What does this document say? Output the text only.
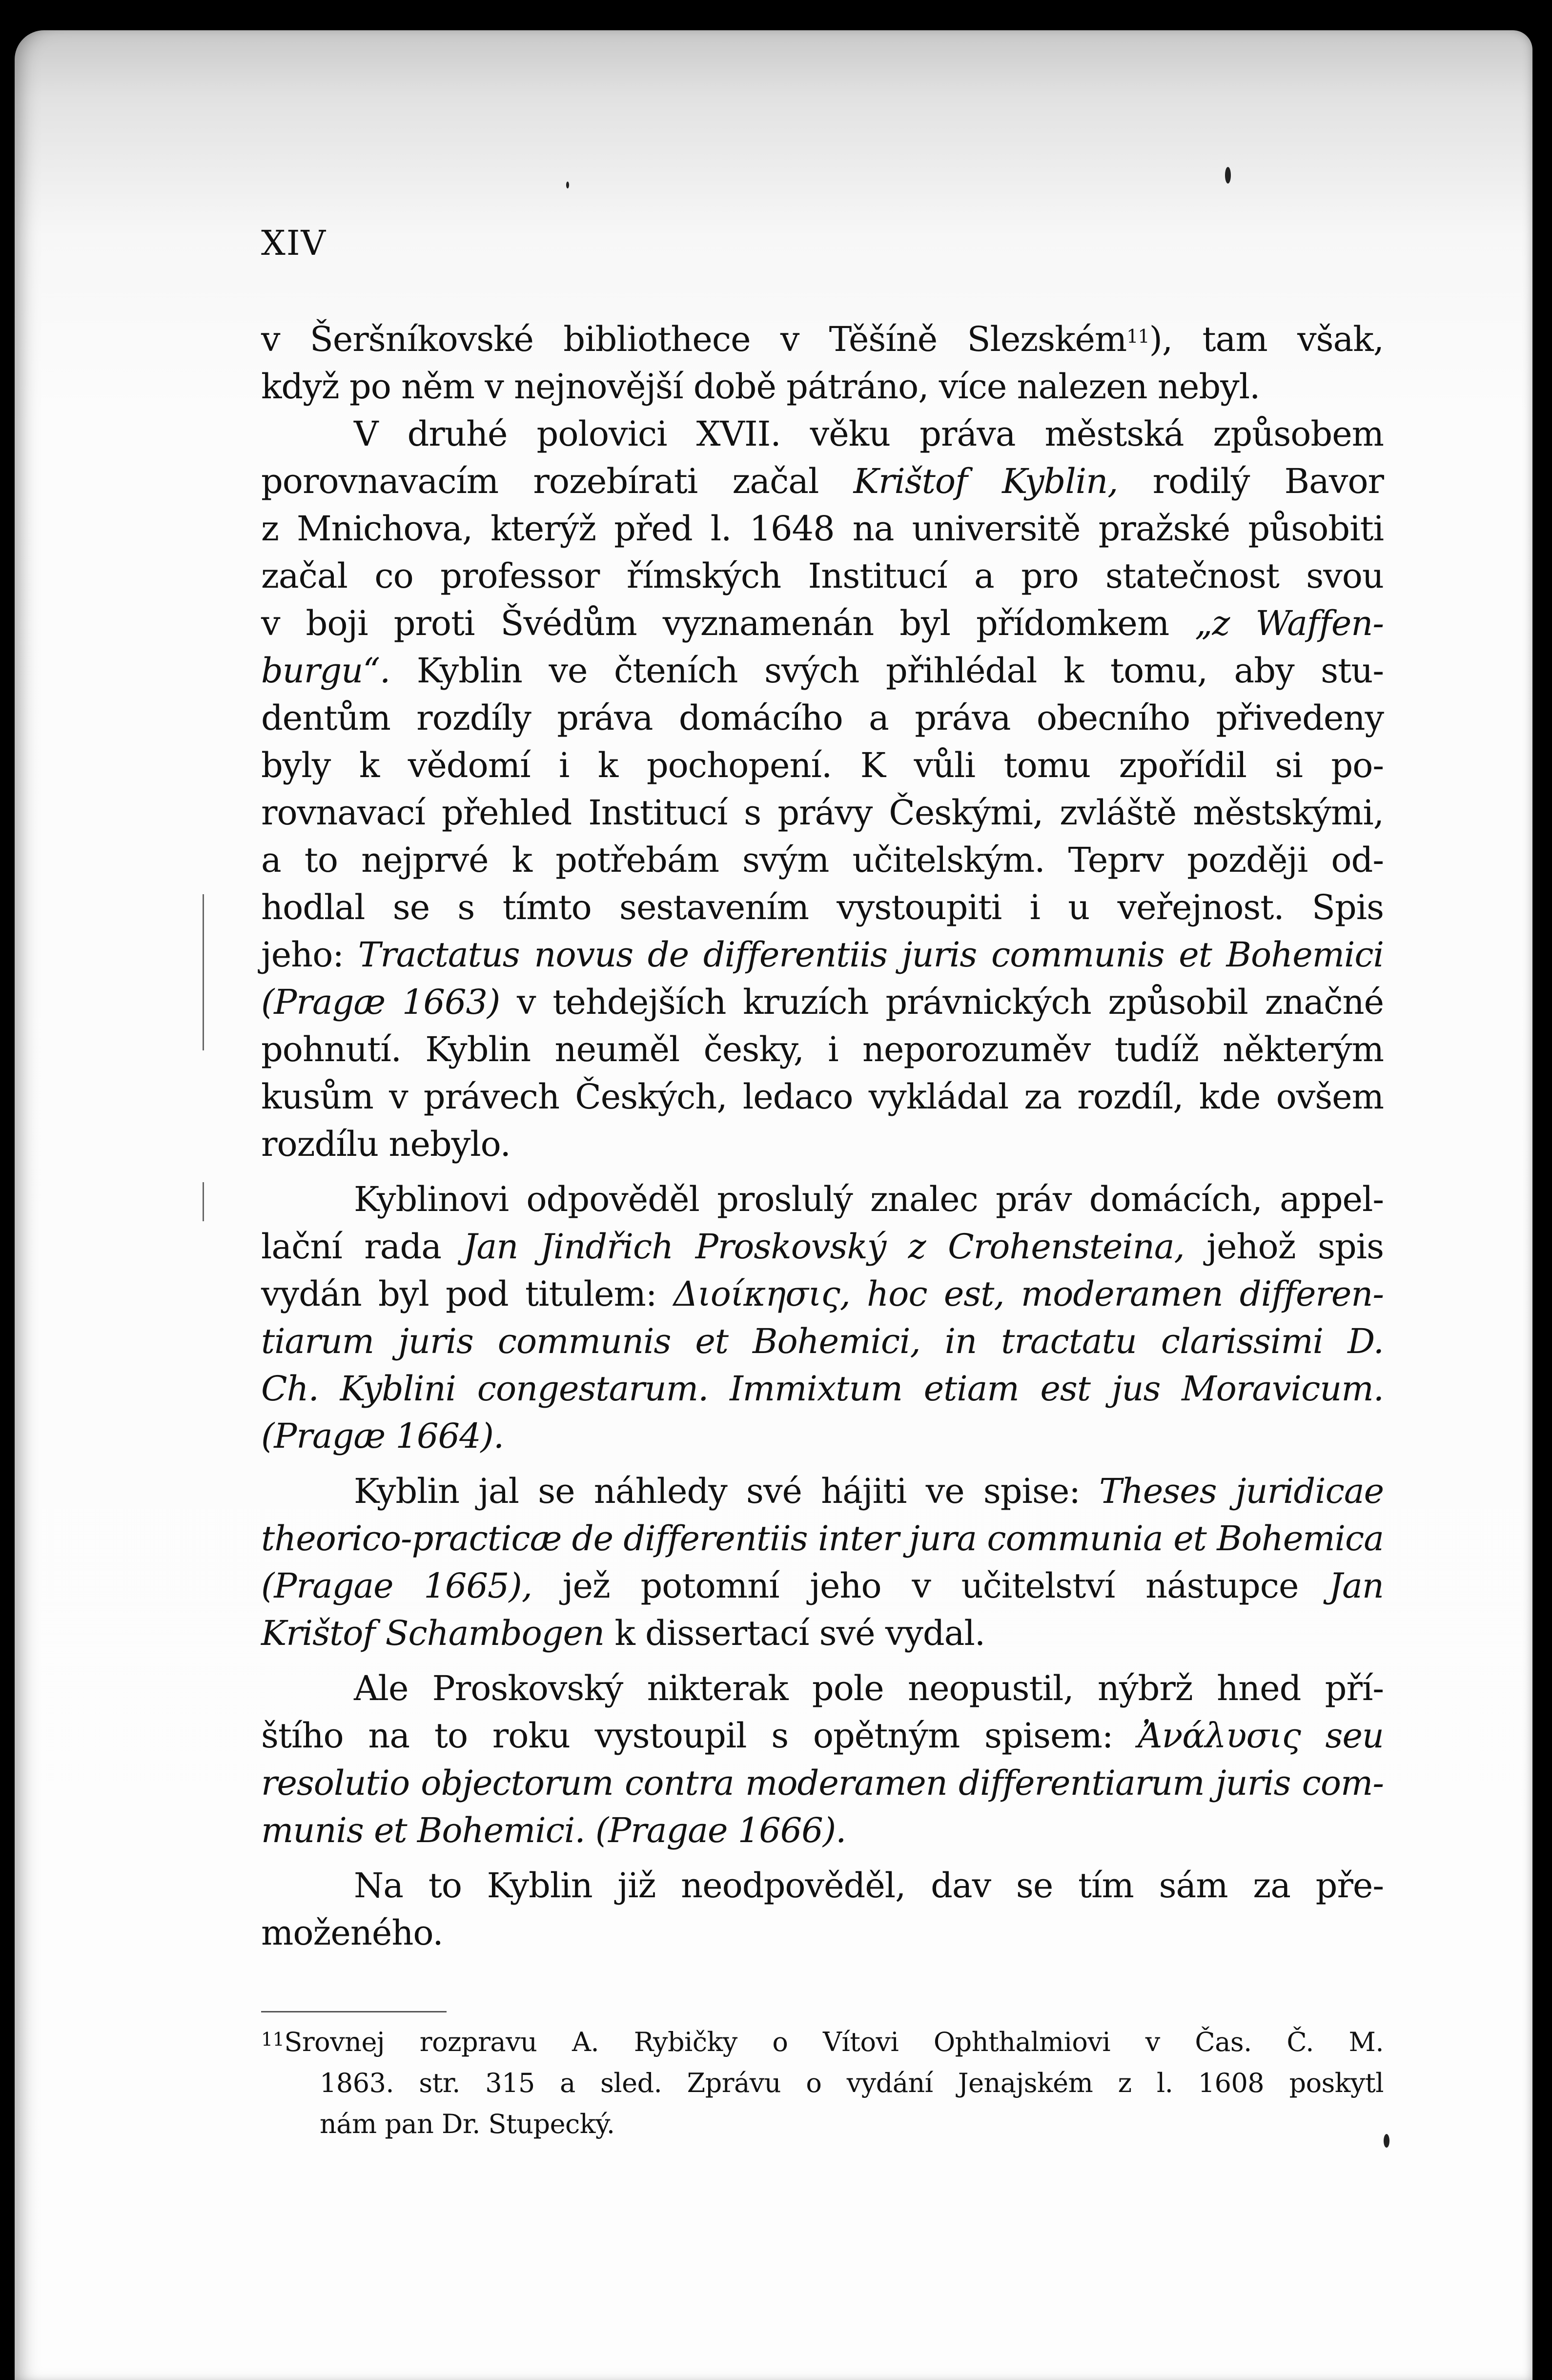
XIV
v Šeršníkovské bibliothece v Těšíně Slezském$^{11}$), tam však,
když po něm v nejnovější době pátráno, více nalezen nebyl.
V druhé polovici XVII. věku práva městská způsobem
porovnavacím rozebírati začal Krištof Kyblin, rodilý Bavor
z Mnichova, kterýž před l. 1648 na universitě pražské působiti
začal co professor římských Institucí a pro statečnost svou
v boji proti Švédům vyznamenán byl přídomkem „z Waffen-
burgu“. Kyblin ve čteních svých přihlédal k tomu, aby stu-
dentům rozdíly práva domácího a práva obecního přivedeny
byly k vědomí i k pochopení. K vůli tomu zpořídil si po-
rovnavací přehled Institucí s právy Českými, zvláště městskými,
a to nejprvé k potřebám svým učitelským. Teprv později od-
hodlal se s tímto sestavením vystoupiti i u veřejnost. Spis
jeho: Tractatus novus de differentiis juris communis et Bohemici
(Pragæ 1663) v tehdejších kruzích právnických způsobil značné
pohnutí. Kyblin neuměl česky, i neporozuměv tudíž některým
kusům v právech Českých, ledaco vykládal za rozdíl, kde ovšem
rozdílu nebylo.
Kyblinovi odpověděl proslulý znalec práv domácích, appel-
lační rada Jan Jindřich Proskovský z Crohensteina, jehož spis
vydán byl pod titulem: Διοίκησις, hoc est, moderamen differen-
tiarum juris communis et Bohemici, in tractatu clarissimi D.
Ch. Kyblini congestarum. Immixtum etiam est jus Moravicum.
(Pragæ 1664).
Kyblin jal se náhledy své hájiti ve spise: Theses juridicae
theorico-practicæ de differentiis inter jura communia et Bohemica
(Pragae 1665), jež potomní jeho v učitelství nástupce Jan
Krištof Schambogen k dissertací své vydal.
Ale Proskovský nikterak pole neopustil, nýbrž hned pří-
štího na to roku vystoupil s opětným spisem: Ἀνάλυσις seu
resolutio objectorum contra moderamen differentiarum juris com-
munis et Bohemici. (Pragae 1666).
Na to Kyblin již neodpověděl, dav se tím sám za pře-
moženého.
$^{11}$Srovnej rozpravu A. Rybičky o Vítovi Ophthalmiovi v Čas. Č. M.
1863. str. 315 a sled. Zprávu o vydání Jenajském z l. 1608 poskytl
nám pan Dr. Stupecký.
